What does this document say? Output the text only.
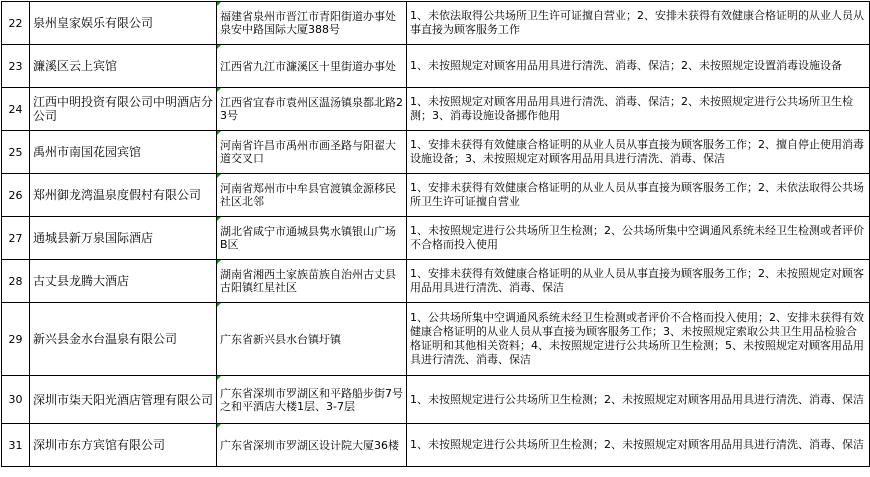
22	泉州皇家娱乐有限公司	福建省泉州市晋江市青阳街道办事处泉安中路国际大厦388号	1、未依法取得公共场所卫生许可证擅自营业；2、安排未获得有效健康合格证明的从业人员从事直接为顾客服务工作
23	濂溪区云上宾馆	江西省九江市濂溪区十里街道办事处	1、未按照规定对顾客用品用具进行清洗、消毒、保洁；2、未按照规定设置消毒设施设备
24	江西中明投资有限公司中明酒店分公司	江西省宜春市袁州区温汤镇泉都北路23号	1、未按照规定对顾客用品用具进行清洗、消毒、保洁；2、未按照规定进行公共场所卫生检测；3、消毒设施设备挪作他用
25	禹州市南国花园宾馆	河南省许昌市禹州市画圣路与阳翟大道交叉口	1、安排未获得有效健康合格证明的从业人员从事直接为顾客服务工作；2、擅自停止使用消毒设施设备；3、未按照规定对顾客用品用具进行清洗、消毒、保洁
26	郑州御龙湾温泉度假村有限公司	河南省郑州市中牟县官渡镇金源移民社区北邻	1、安排未获得有效健康合格证明的从业人员从事直接为顾客服务工作；2、未依法取得公共场所卫生许可证擅自营业
27	通城县新万泉国际酒店	湖北省咸宁市通城县隽水镇银山广场B区	1、未按照规定进行公共场所卫生检测；2、公共场所集中空调通风系统未经卫生检测或者评价不合格而投入使用
28	古丈县龙腾大酒店	湖南省湘西土家族苗族自治州古丈县古阳镇红星社区	1、安排未获得有效健康合格证明的从业人员从事直接为顾客服务工作；2、未按照规定对顾客用品用具进行清洗、消毒、保洁
29	新兴县金水台温泉有限公司	广东省新兴县水台镇圩镇	1、公共场所集中空调通风系统未经卫生检测或者评价不合格而投入使用；2、安排未获得有效健康合格证明的从业人员从事直接为顾客服务工作；3、未按照规定索取公共卫生用品检验合格证明和其他相关资料；4、未按照规定进行公共场所卫生检测；5、未按照规定对顾客用品用具进行清洗、消毒、保洁
30	深圳市柒天阳光酒店管理有限公司	广东省深圳市罗湖区和平路船步街7号之和平酒店大楼1层、3-7层	1、未按照规定进行公共场所卫生检测；2、未按照规定对顾客用品用具进行清洗、消毒、保洁
31	深圳市东方宾馆有限公司	广东省深圳市罗湖区设计院大厦36楼	1、未按照规定进行公共场所卫生检测；2、未按照规定对顾客用品用具进行清洗、消毒、保洁
